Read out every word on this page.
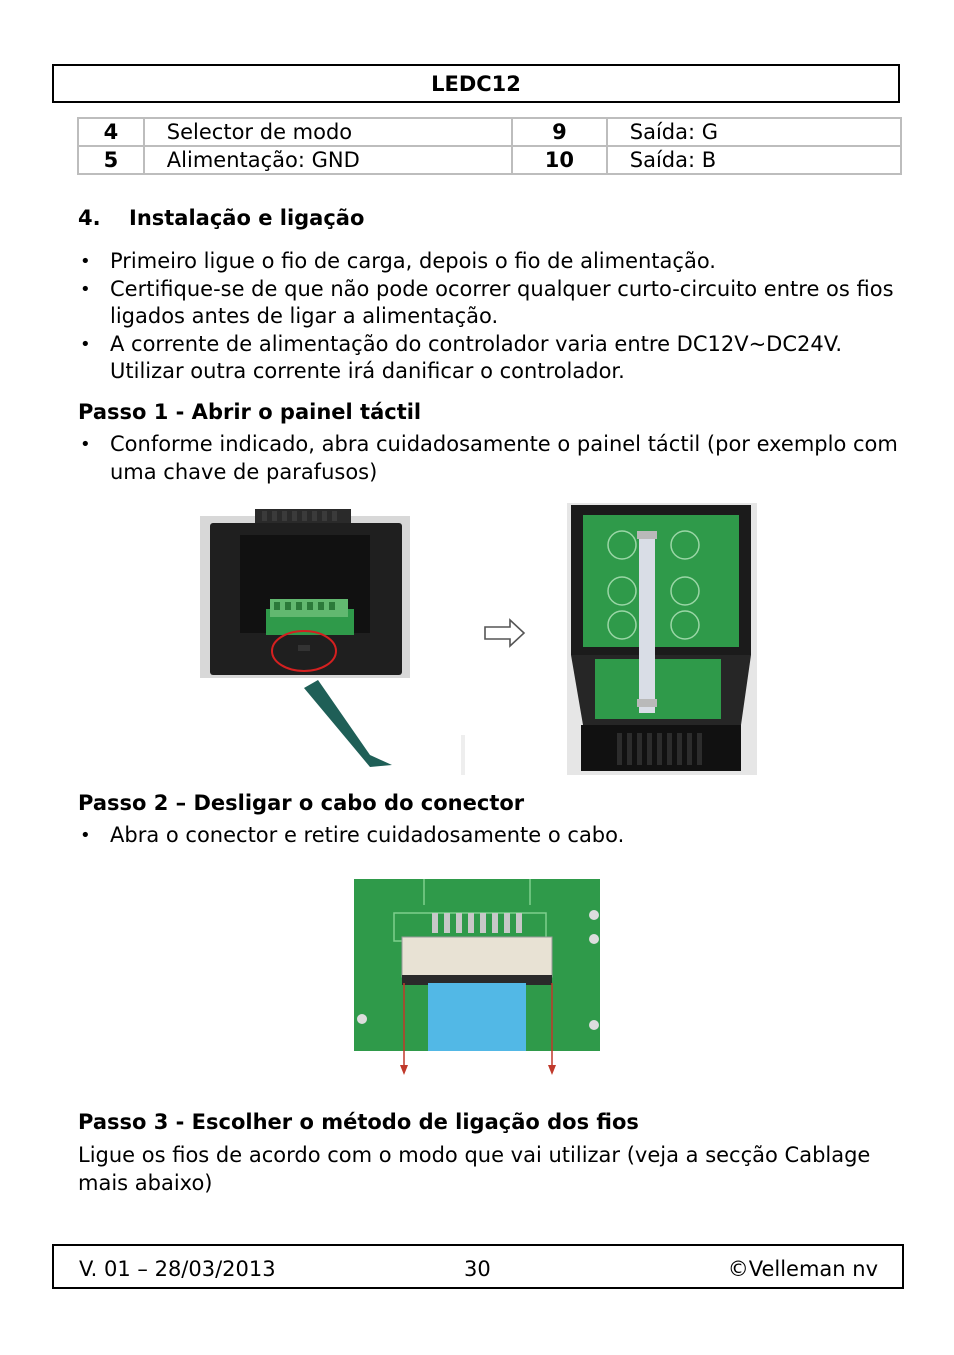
LEDC12
4	Selector de modo	9	Saída: G
5	Alimentação: GND	10	Saída: B
4. Instalação e ligação
• Primeiro ligue o fio de carga, depois o fio de alimentação.
• Certifique-se de que não pode ocorrer qualquer curto-circuito entre os fios ligados antes de ligar a alimentação.
• A corrente de alimentação do controlador varia entre DC12V~DC24V. Utilizar outra corrente irá danificar o controlador.
Passo 1 - Abrir o painel táctil
• Conforme indicado, abra cuidadosamente o painel táctil (por exemplo com uma chave de parafusos)
Passo 2 – Desligar o cabo do conector
• Abra o conector e retire cuidadosamente o cabo.
Passo 3 - Escolher o método de ligação dos fios
Ligue os fios de acordo com o modo que vai utilizar (veja a secção Cablage mais abaixo)
V. 01 – 28/03/2013	30	©Velleman nv
